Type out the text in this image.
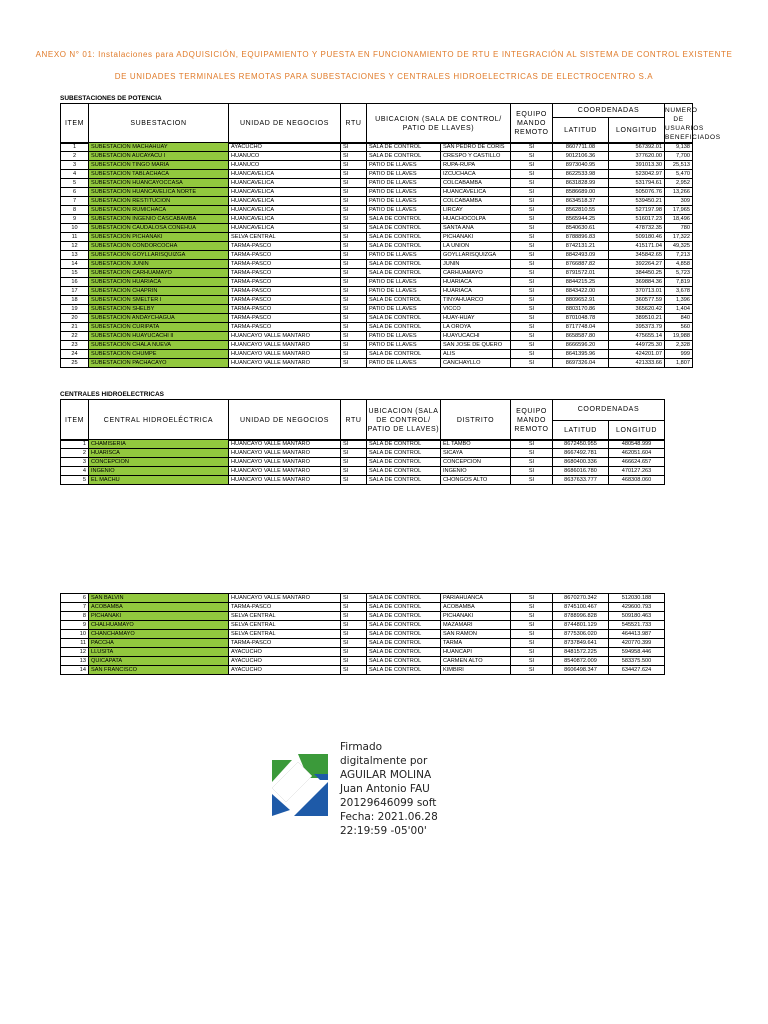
ANEXO N° 01: Instalaciones para ADQUISICIÓN, EQUIPAMIENTO Y PUESTA EN FUNCIONAMIENTO DE RTU E INTEGRACIÓN AL SISTEMA DE CONTROL EXISTENTE
DE UNIDADES TERMINALES REMOTAS PARA SUBESTACIONES Y CENTRALES HIDROELECTRICAS DE ELECTROCENTRO S.A
SUBESTACIONES DE POTENCIA
ITEM	SUBESTACION	UNIDAD DE NEGOCIOS	RTU	UBICACION (SALA DE CONTROL/ PATIO DE LLAVES)	EQUIPO MANDO REMOTO	COORDENADAS		NUMERO DE USUARIOS BENEFICIADOS
						LATITUD	LONGITUD	
1	SUBESTACION MACHAHUAY	AYACUCHO	SI	SALA DE CONTROL	SAN PEDRO DE CORIS	SI	8607711.08	567392.01	9,138
2	SUBESTACION AUCAYACU I	HUANUCO	SI	SALA DE CONTROL	CRESPO Y CASTILLO	SI	9012106.36	377620.00	7,700
3	SUBESTACION TINGO MARIA	HUANUCO	SI	PATIO DE LLAVES	RUPA-RUPA	SI	8973040.95	391013.30	25,513
4	SUBESTACION TABLACHACA	HUANCAVELICA	SI	PATIO DE LLAVES	IZCUCHACA	SI	8622533.98	523042.97	5,470
5	SUBESTACION HUANCAYOCCASA	HUANCAVELICA	SI	PATIO DE LLAVES	COLCABAMBA	SI	8631828.99	531794.61	2,952
6	SUBESTACION HUANCAVELICA NORTE	HUANCAVELICA	SI	PATIO DE LLAVES	HUANCAVELICA	SI	8586689.00	505076.76	13,266
7	SUBESTACION RESTITUCION	HUANCAVELICA	SI	PATIO DE LLAVES	COLCABAMBA	SI	8634518.37	539450.21	309
8	SUBESTACION RUMICHACA	HUANCAVELICA	SI	PATIO DE LLAVES	LIRCAY	SI	8562810.55	527197.98	17,965
9	SUBESTACION INGENIO CASCABAMBA	HUANCAVELICA	SI	SALA DE CONTROL	HUACHOCOLPA	SI	8565944.25	516017.23	18,496
10	SUBESTACION CAUDALOSA CONEHUA	HUANCAVELICA	SI	SALA DE CONTROL	SANTA ANA	SI	8540630.61	478732.35	780
11	SUBESTACION PICHANAKI	SELVA CENTRAL	SI	SALA DE CONTROL	PICHANAKI	SI	8788896.83	509180.46	17,322
12	SUBESTACION CONDORCOCHA	TARMA-PASCO	SI	SALA DE CONTROL	LA UNION	SI	8742131.21	415171.04	49,325
13	SUBESTACION GOYLLARISQUIZGA	TARMA-PASCO	SI	PATIO DE LLAVES	GOYLLARISQUIZGA	SI	8842493.09	345842.65	7,213
14	SUBESTACION JUNIN	TARMA-PASCO	SI	SALA DE CONTROL	JUNIN	SI	8766887.82	392264.27	4,858
15	SUBESTACION CARHUAMAYO	TARMA-PASCO	SI	SALA DE CONTROL	CARHUAMAYO	SI	8791572.01	384450.25	5,723
16	SUBESTACION HUARIACA	TARMA-PASCO	SI	PATIO DE LLAVES	HUARIACA	SI	8844215.25	369884.36	7,819
17	SUBESTACION CHAPRIN	TARMA-PASCO	SI	PATIO DE LLAVES	HUARIACA	SI	8843422.00	370713.01	3,678
18	SUBESTACION SMELTER I	TARMA-PASCO	SI	SALA DE CONTROL	TINYAHUARCO	SI	8809652.91	360577.59	1,396
19	SUBESTACION SHELBY	TARMA-PASCO	SI	PATIO DE LLAVES	VICCO	SI	8803170.86	365620.42	1,404
20	SUBESTACION ANDAYCHAGUA	TARMA-PASCO	SI	SALA DE CONTROL	HUAY-HUAY	SI	8701048.78	389510.21	840
21	SUBESTACION CURIPATA	TARMA-PASCO	SI	SALA DE CONTROL	LA OROYA	SI	8717748.04	395373.79	560
22	SUBESTACION HUAYUCACHI II	HUANCAYO VALLE MANTARO	SI	PATIO DE LLAVES	HUAYUCACHI	SI	8658587.80	475655.14	19,988
23	SUBESTACION CHALA NUEVA	HUANCAYO VALLE MANTARO	SI	PATIO DE LLAVES	SAN JOSE DE QUERO	SI	8666596.20	449725.30	2,328
24	SUBESTACION CHUMPE	HUANCAYO VALLE MANTARO	SI	SALA DE CONTROL	ALIS	SI	8641395.96	424201.07	999
25	SUBESTACION PACHACAYO	HUANCAYO VALLE MANTARO	SI	PATIO DE LLAVES	CANCHAYLLO	SI	8697326.04	421333.66	1,807
CENTRALES HIDROELECTRICAS
ITEM	CENTRAL HIDROELÉCTRICA	UNIDAD DE NEGOCIOS	RTU	UBICACION (SALA DE CONTROL/ PATIO DE LLAVES)	DISTRITO	EQUIPO MANDO REMOTO	
COORDENADAS
LATITUD	LONGITUD

1	CHAMISERIA	HUANCAYO VALLE MANTARO	SI	SALA DE CONTROL	EL TAMBO	SI	8672450.955	480548.999
2	HUARISCA	HUANCAYO VALLE MANTARO	SI	SALA DE CONTROL	SICAYA	SI	8667492.781	462051.604
3	CONCEPCION	HUANCAYO VALLE MANTARO	SI	SALA DE CONTROL	CONCEPCION	SI	8680400.336	466624.657
4	INGENIO	HUANCAYO VALLE MANTARO	SI	SALA DE CONTROL	INGENIO	SI	8686016.780	470127.263
5	EL MACHU	HUANCAYO VALLE MANTARO	SI	SALA DE CONTROL	CHONGOS ALTO	SI	8637633.777	468308.060
6	SAN BALVIN	HUANCAYO VALLE MANTARO	SI	SALA DE CONTROL	PARIAHUANCA	SI	8670270.342	512030.188
7	ACOBAMBA	TARMA-PASCO	SI	SALA DE CONTROL	ACOBAMBA	SI	8745100.467	429600.793
8	PICHANAKI	SELVA CENTRAL	SI	SALA DE CONTROL	PICHANAKI	SI	8788996.828	509180.463
9	CHALHUAMAYO	SELVA CENTRAL	SI	SALA DE CONTROL	MAZAMARI	SI	8744801.129	545521.733
10	CHANCHAMAYO	SELVA CENTRAL	SI	SALA DE CONTROL	SAN RAMON	SI	8775306.020	464413.987
11	PACCHA	TARMA-PASCO	SI	SALA DE CONTROL	TARMA	SI	8737849.641	420770.399
12	LLUSITA	AYACUCHO	SI	SALA DE CONTROL	HUANCAPI	SI	8481572.225	594958.446
13	QUICAPATA	AYACUCHO	SI	SALA DE CONTROL	CARMEN ALTO	SI	8540872.009	583375.500
14	SAN FRANCISCO	AYACUCHO	SI	SALA DE CONTROL	KIMBIRI	SI	8606498.347	634427.624
Firmado
digitalmente por
AGUILAR MOLINA
Juan Antonio FAU
20129646099 soft
Fecha: 2021.06.28
22:19:59 -05'00'
